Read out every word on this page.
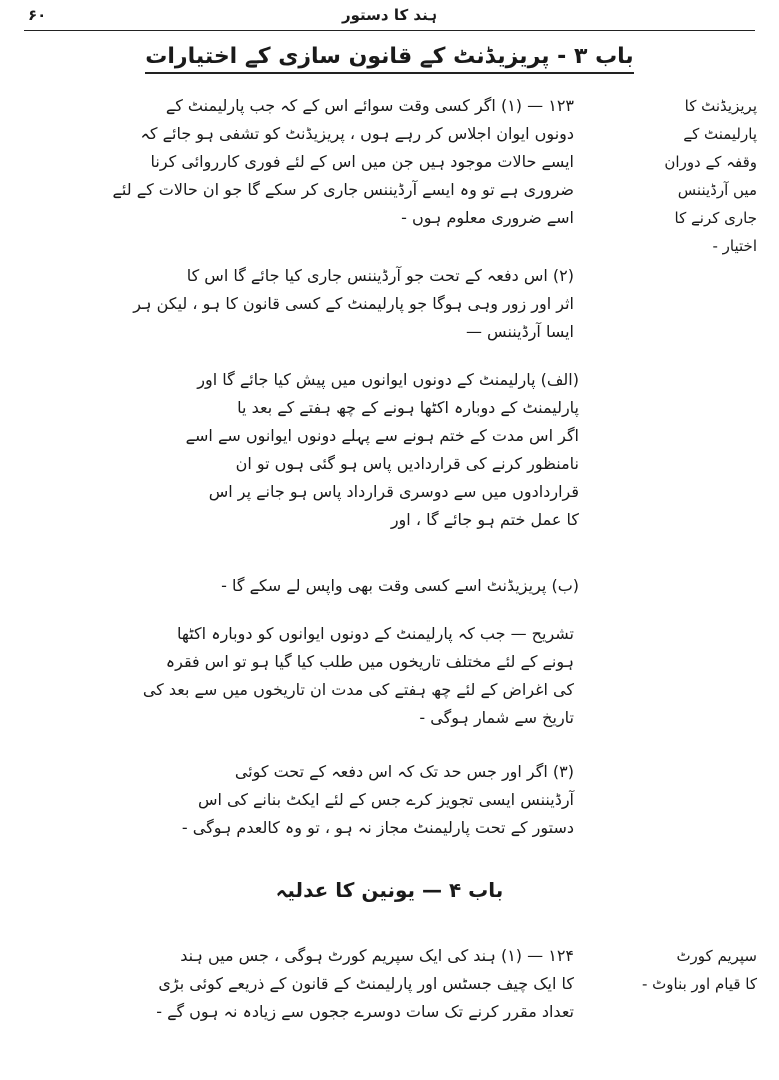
۶۰	ہند کا دستور
باب ۳ - پریزیڈنٹ کے قانون سازی کے اختیارات
پریزیڈنٹ کا
پارلیمنٹ کے
وقفہ کے دوران
میں آرڈیننس
جاری کرنے کا
اختیار -
۱۲۳ — (۱) اگر کسی وقت سوائے اس کے کہ جب پارلیمنٹ کے
دونوں ایوان اجلاس کر رہے ہوں ، پریزیڈنٹ کو تشفی ہو جائے کہ
ایسے حالات موجود ہیں جن میں اس کے لئے فوری کارروائی کرنا
ضروری ہے تو وہ ایسے آرڈیننس جاری کر سکے گا جو ان حالات کے لئے
اسے ضروری معلوم ہوں -
(۲) اس دفعہ کے تحت جو آرڈیننس جاری کیا جائے گا اس کا
اثر اور زور وہی ہوگا جو پارلیمنٹ کے کسی قانون کا ہو ، لیکن ہر
ایسا آرڈیننس —
(الف) پارلیمنٹ کے دونوں ایوانوں میں پیش کیا جائے گا اور
پارلیمنٹ کے دوبارہ اکٹھا ہونے کے چھ ہفتے کے بعد یا
اگر اس مدت کے ختم ہونے سے پہلے دونوں ایوانوں سے اسے
نامنظور کرنے کی قراردادیں پاس ہو گئی ہوں تو ان
قراردادوں میں سے دوسری قرارداد پاس ہو جانے پر اس
کا عمل ختم ہو جائے گا ، اور
(ب) پریزیڈنٹ اسے کسی وقت بھی واپس لے سکے گا -
تشریح — جب کہ پارلیمنٹ کے دونوں ایوانوں کو دوبارہ اکٹھا
ہونے کے لئے مختلف تاریخوں میں طلب کیا گیا ہو تو اس فقرہ
کی اغراض کے لئے چھ ہفتے کی مدت ان تاریخوں میں سے بعد کی
تاریخ سے شمار ہوگی -
(۳) اگر اور جس حد تک کہ اس دفعہ کے تحت کوئی
آرڈیننس ایسی تجویز کرے جس کے لئے ایکٹ بنانے کی اس
دستور کے تحت پارلیمنٹ مجاز نہ ہو ، تو وہ کالعدم ہوگی -
باب ۴ — یونین کا عدلیہ
سپریم کورٹ
کا قیام اور بناوٹ -
۱۲۴ — (۱) ہند کی ایک سپریم کورٹ ہوگی ، جس میں ہند
کا ایک چیف جسٹس اور پارلیمنٹ کے قانون کے ذریعے کوئی بڑی
تعداد مقرر کرنے تک سات دوسرے ججوں سے زیادہ نہ ہوں گے -
